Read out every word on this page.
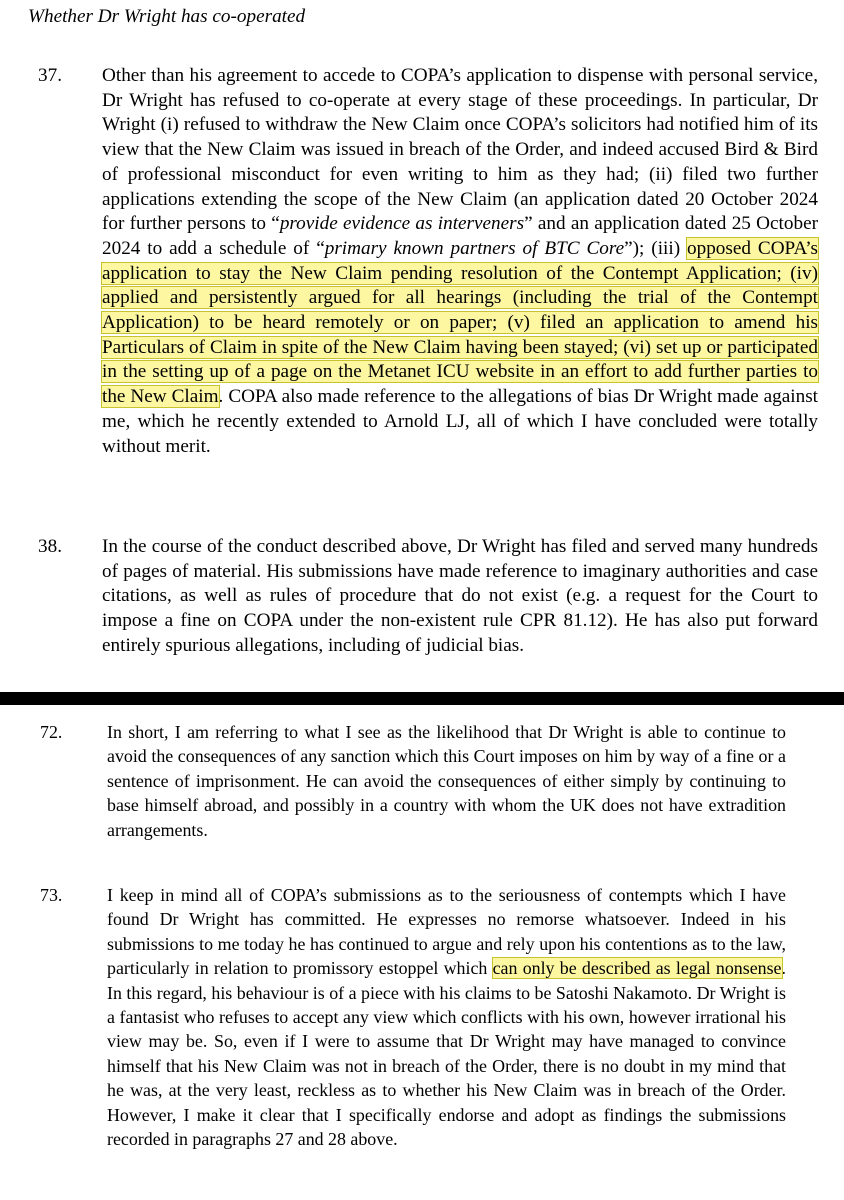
Whether Dr Wright has co-operated
37. Other than his agreement to accede to COPA’s application to dispense with personal service, Dr Wright has refused to co-operate at every stage of these proceedings. In particular, Dr Wright (i) refused to withdraw the New Claim once COPA’s solicitors had notified him of its view that the New Claim was issued in breach of the Order, and indeed accused Bird & Bird of professional misconduct for even writing to him as they had; (ii) filed two further applications extending the scope of the New Claim (an application dated 20 October 2024 for further persons to “provide evidence as interveners” and an application dated 25 October 2024 to add a schedule of “primary known partners of BTC Core”); (iii) opposed COPA’s application to stay the New Claim pending resolution of the Contempt Application; (iv) applied and persistently argued for all hearings (including the trial of the Contempt Application) to be heard remotely or on paper; (v) filed an application to amend his Particulars of Claim in spite of the New Claim having been stayed; (vi) set up or participated in the setting up of a page on the Metanet ICU website in an effort to add further parties to the New Claim. COPA also made reference to the allegations of bias Dr Wright made against me, which he recently extended to Arnold LJ, all of which I have concluded were totally without merit.
38. In the course of the conduct described above, Dr Wright has filed and served many hundreds of pages of material. His submissions have made reference to imaginary authorities and case citations, as well as rules of procedure that do not exist (e.g. a request for the Court to impose a fine on COPA under the non-existent rule CPR 81.12). He has also put forward entirely spurious allegations, including of judicial bias.
72. In short, I am referring to what I see as the likelihood that Dr Wright is able to continue to avoid the consequences of any sanction which this Court imposes on him by way of a fine or a sentence of imprisonment. He can avoid the consequences of either simply by continuing to base himself abroad, and possibly in a country with whom the UK does not have extradition arrangements.
73. I keep in mind all of COPA’s submissions as to the seriousness of contempts which I have found Dr Wright has committed. He expresses no remorse whatsoever. Indeed in his submissions to me today he has continued to argue and rely upon his contentions as to the law, particularly in relation to promissory estoppel which can only be described as legal nonsense. In this regard, his behaviour is of a piece with his claims to be Satoshi Nakamoto. Dr Wright is a fantasist who refuses to accept any view which conflicts with his own, however irrational his view may be. So, even if I were to assume that Dr Wright may have managed to convince himself that his New Claim was not in breach of the Order, there is no doubt in my mind that he was, at the very least, reckless as to whether his New Claim was in breach of the Order. However, I make it clear that I specifically endorse and adopt as findings the submissions recorded in paragraphs 27 and 28 above.
